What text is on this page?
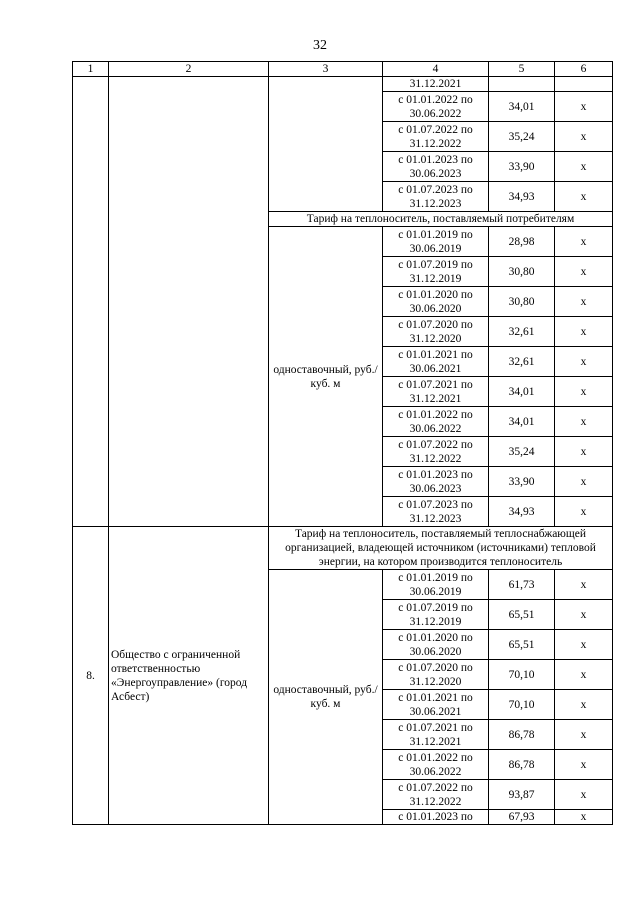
32
1	2	3	4	5	6
			31.12.2021		
			с 01.01.2022 по 30.06.2022	34,01	х
			с 01.07.2022 по 31.12.2022	35,24	х
			с 01.01.2023 по 30.06.2023	33,90	х
			с 01.07.2023 по 31.12.2023	34,93	х
		Тариф на теплоноситель, поставляемый потребителям			
		одноставочный, руб./куб. м	с 01.01.2019 по 30.06.2019	28,98	х
			с 01.07.2019 по 31.12.2019	30,80	х
			с 01.01.2020 по 30.06.2020	30,80	х
			с 01.07.2020 по 31.12.2020	32,61	х
			с 01.01.2021 по 30.06.2021	32,61	х
			с 01.07.2021 по 31.12.2021	34,01	х
			с 01.01.2022 по 30.06.2022	34,01	х
			с 01.07.2022 по 31.12.2022	35,24	х
			с 01.01.2023 по 30.06.2023	33,90	х
			с 01.07.2023 по 31.12.2023	34,93	х
8.	Общество с ограниченной ответственностью «Энергоуправление» (город Асбест)	Тариф на теплоноситель, поставляемый теплоснабжающей организацией, владеющей источником (источниками) тепловой энергии, на котором производится теплоноситель			
		одноставочный, руб./куб. м	с 01.01.2019 по 30.06.2019	61,73	х
			с 01.07.2019 по 31.12.2019	65,51	х
			с 01.01.2020 по 30.06.2020	65,51	х
			с 01.07.2020 по 31.12.2020	70,10	х
			с 01.01.2021 по 30.06.2021	70,10	х
			с 01.07.2021 по 31.12.2021	86,78	х
			с 01.01.2022 по 30.06.2022	86,78	х
			с 01.07.2022 по 31.12.2022	93,87	х
			с 01.01.2023 по	67,93	х
